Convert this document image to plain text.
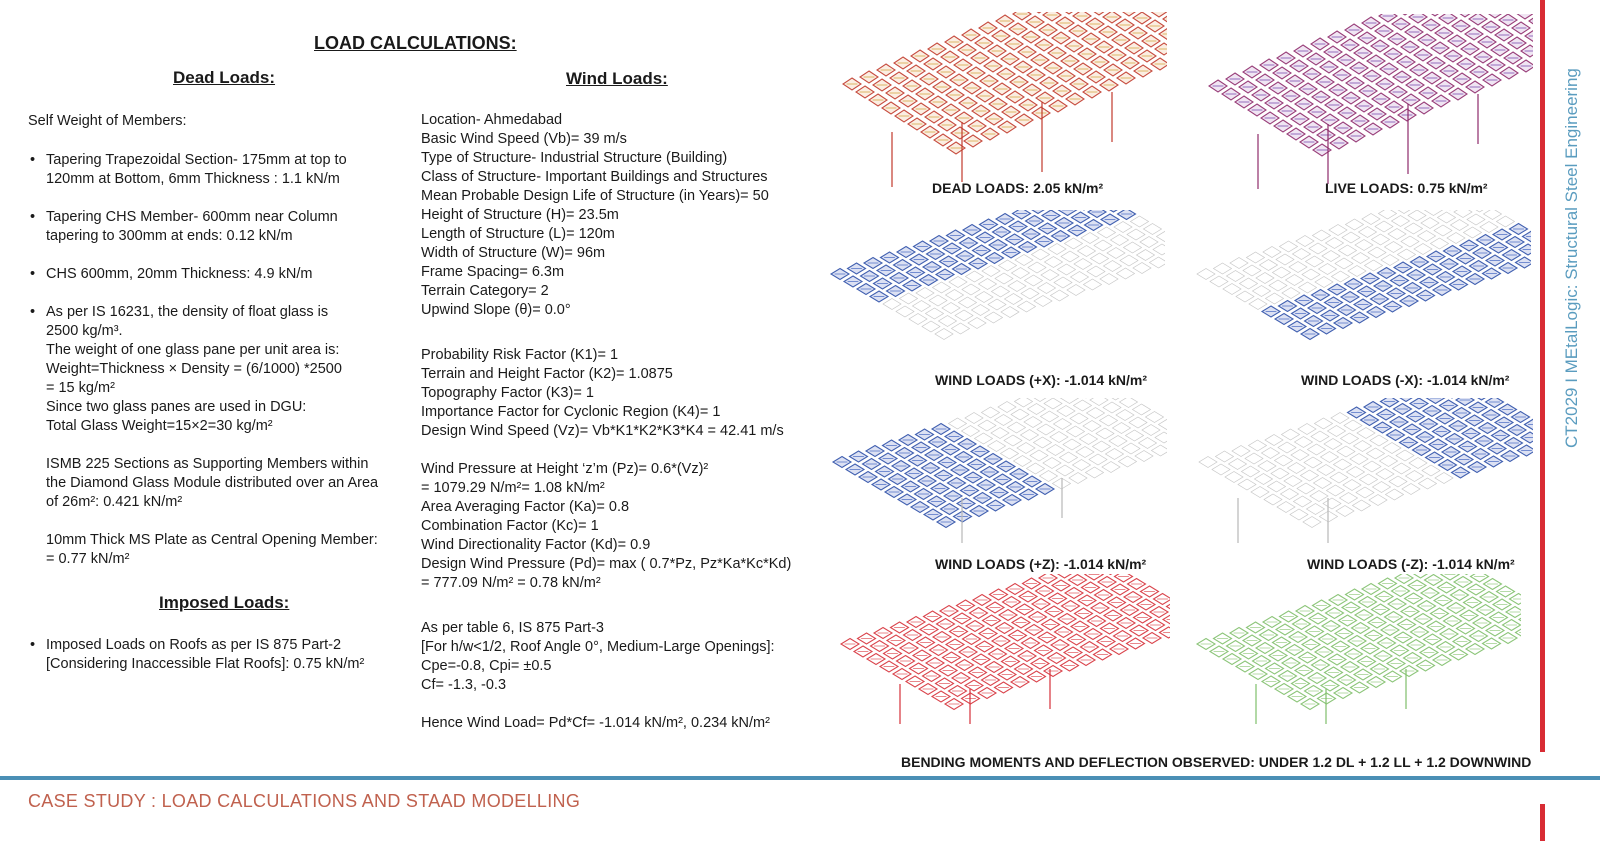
LOAD CALCULATIONS:
Dead Loads:
Self Weight of Members:
• Tapering Trapezoidal Section- 175mm at top to
120mm at Bottom, 6mm Thickness : 1.1 kN/m
• Tapering CHS Member- 600mm near Column
tapering to 300mm at ends: 0.12 kN/m
• CHS 600mm, 20mm Thickness: 4.9 kN/m
• As per IS 16231, the density of float glass is
2500 kg/m³.
The weight of one glass pane per unit area is:
Weight=Thickness × Density = (6/1000) *2500
= 15 kg/m²
Since two glass panes are used in DGU:
Total Glass Weight=15×2=30 kg/m²
ISMB 225 Sections as Supporting Members within
the Diamond Glass Module distributed over an Area
of 26m²: 0.421 kN/m²
10mm Thick MS Plate as Central Opening Member:
= 0.77 kN/m²
Imposed Loads:
• Imposed Loads on Roofs as per IS 875 Part-2
[Considering Inaccessible Flat Roofs]: 0.75 kN/m²
Wind Loads:
Location- Ahmedabad
Basic Wind Speed (Vb)= 39 m/s
Type of Structure- Industrial Structure (Building)
Class of Structure- Important Buildings and Structures
Mean Probable Design Life of Structure (in Years)= 50
Height of Structure (H)= 23.5m
Length of Structure (L)= 120m
Width of Structure (W)= 96m
Frame Spacing= 6.3m
Terrain Category= 2
Upwind Slope (θ)= 0.0°
Probability Risk Factor (K1)= 1
Terrain and Height Factor (K2)= 1.0875
Topography Factor (K3)= 1
Importance Factor for Cyclonic Region (K4)= 1
Design Wind Speed (Vz)= Vb*K1*K2*K3*K4 = 42.41 m/s
Wind Pressure at Height ‘z’m (Pz)= 0.6*(Vz)²
= 1079.29 N/m²= 1.08 kN/m²
Area Averaging Factor (Ka)= 0.8
Combination Factor (Kc)= 1
Wind Directionality Factor (Kd)= 0.9
Design Wind Pressure (Pd)= max ( 0.7*Pz, Pz*Ka*Kc*Kd)
= 777.09 N/m² = 0.78 kN/m²
As per table 6, IS 875 Part-3
[For h/w<1/2, Roof Angle 0°, Medium-Large Openings]:
Cpe=-0.8, Cpi= ±0.5
Cf= -1.3, -0.3
Hence Wind Load= Pd*Cf= -1.014 kN/m², 0.234 kN/m²
DEAD LOADS: 2.05 kN/m²	LIVE LOADS: 0.75 kN/m²
WIND LOADS (+X): -1.014 kN/m²	WIND LOADS (-X): -1.014 kN/m²
WIND LOADS (+Z): -1.014 kN/m²	WIND LOADS (-Z): -1.014 kN/m²
BENDING MOMENTS AND DEFLECTION OBSERVED: UNDER 1.2 DL + 1.2 LL + 1.2 DOWNWIND
CT2029 I MEtalLogic: Structural Steel Engineering
CASE STUDY : LOAD CALCULATIONS AND STAAD MODELLING
